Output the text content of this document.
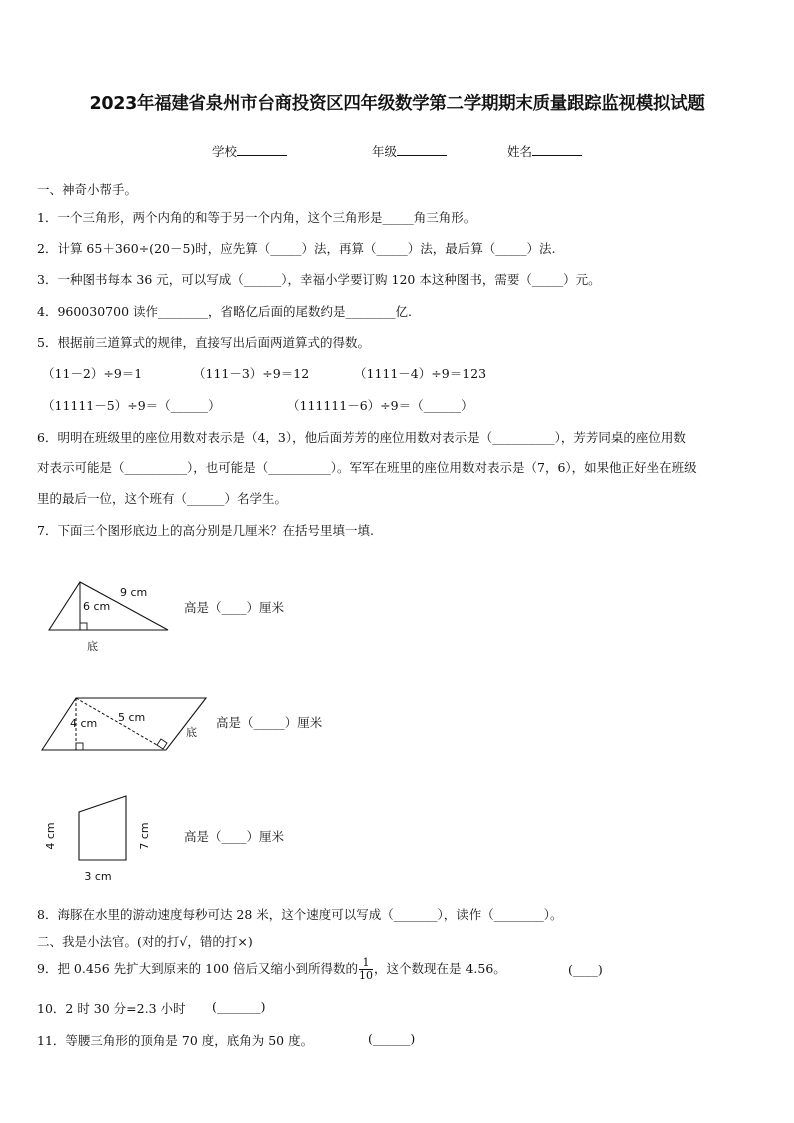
2023年福建省泉州市台商投资区四年级数学第二学期期末质量跟踪监视模拟试题
学校	年级	姓名
一、神奇小帮手。
1．一个三角形，两个内角的和等于另一个内角，这个三角形是_____角三角形。
2．计算 65＋360÷(20－5)时，应先算（_____）法，再算（_____）法，最后算（_____）法.
3．一种图书每本 36 元，可以写成（______），幸福小学要订购 120 本这种图书，需要（_____）元。
4．960030700 读作________，省略亿后面的尾数约是________亿.
5．根据前三道算式的规律，直接写出后面两道算式的得数。
（11－2）÷9＝1	（111－3）÷9＝12	（1111－4）÷9＝123
（11111－5）÷9＝（______）	（111111－6）÷9＝（______）
6．明明在班级里的座位用数对表示是（4，3），他后面芳芳的座位用数对表示是（__________），芳芳同桌的座位用数
对表示可能是（__________），也可能是（__________）。军军在班里的座位用数对表示是（7，6），如果他正好坐在班级
里的最后一位，这个班有（______）名学生。
7．下面三个图形底边上的高分别是几厘米？在括号里填一填.
9 cm
6 cm
底
高是（____）厘米
4 cm 5 cm
底
高是（_____）厘米
4 cm	7 cm
3 cm
高是（____）厘米
8．海豚在水里的游动速度每秒可达 28 米，这个速度可以写成（_______），读作（________）。
二、我是小法官。(对的打√，错的打×)
9．把 0.456 先扩大到原来的 100 倍后又缩小到所得数的 $\frac{1}{10}$ ，这个数现在是 4.56。	(____)
10．2 时 30 分=2.3 小时 (_______)
11．等腰三角形的顶角是 70 度，底角为 50 度。	(______)
